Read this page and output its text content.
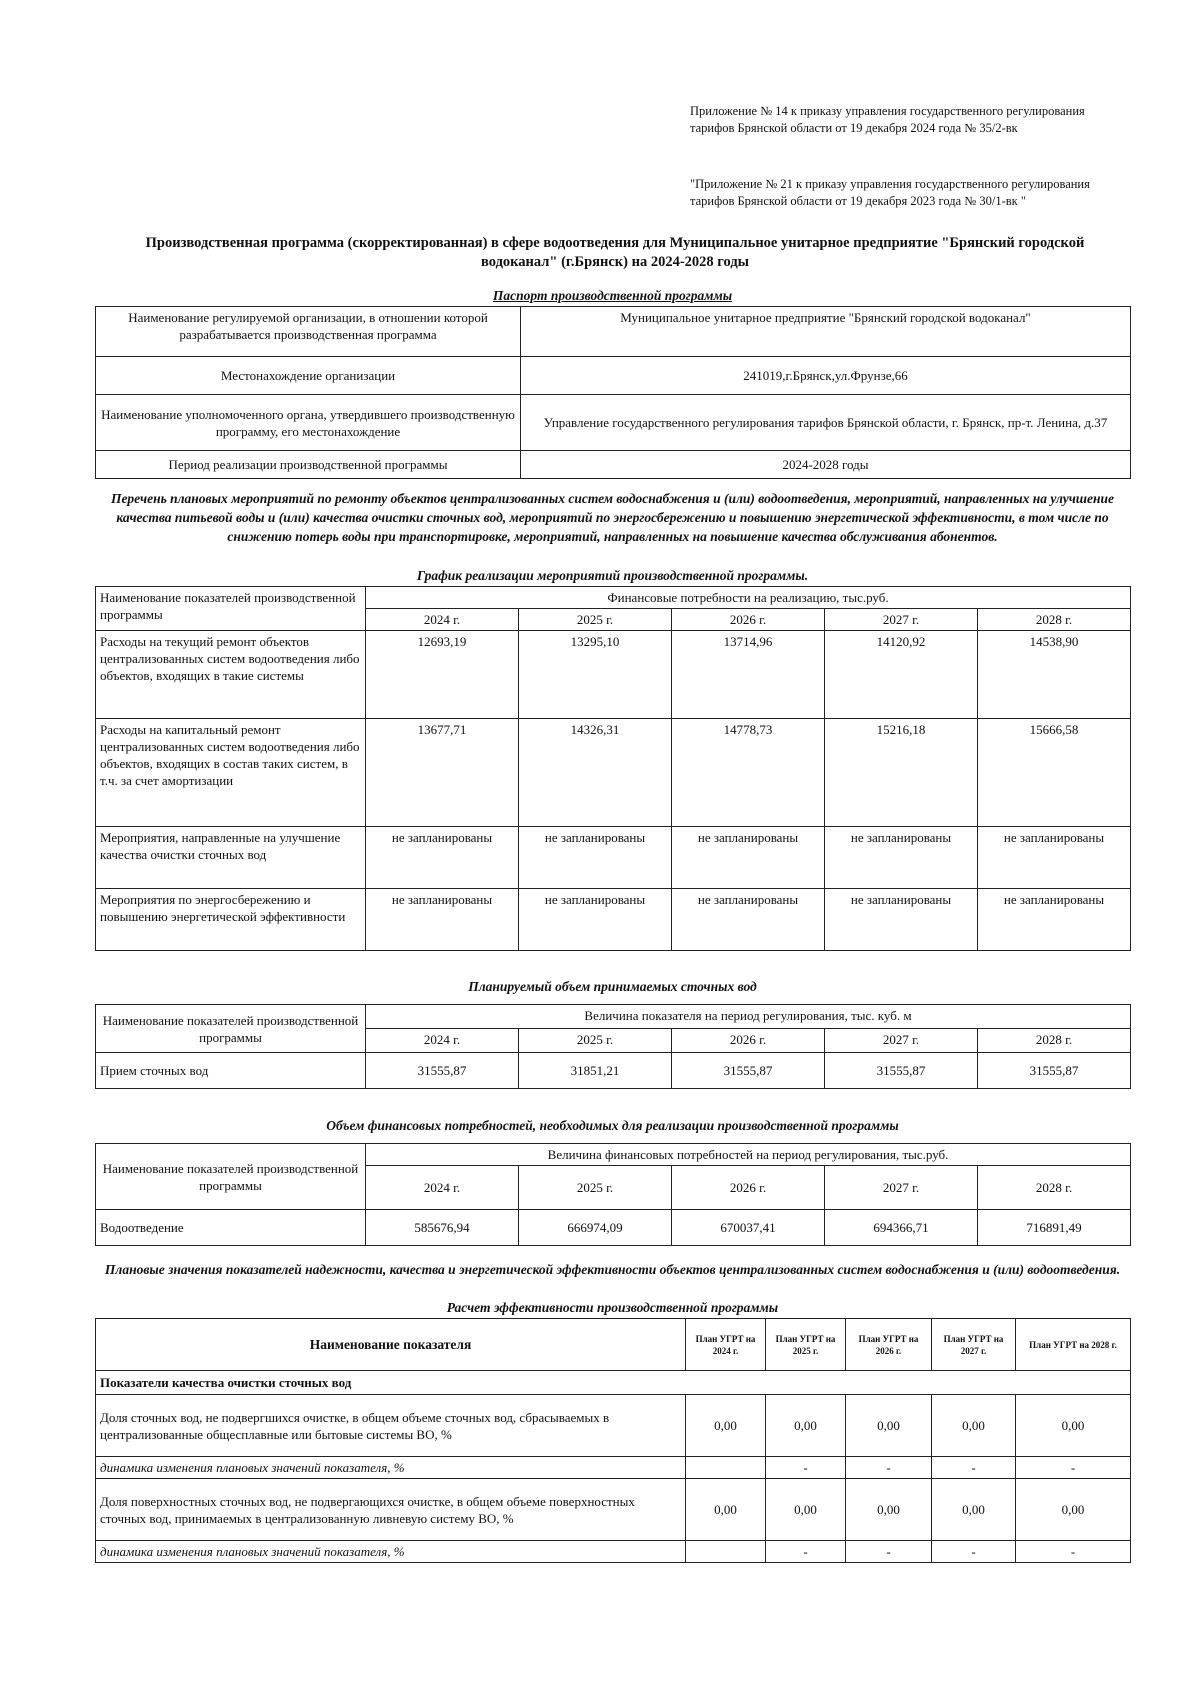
Приложение № 14 к приказу управления государственного регулирования тарифов Брянской области от 19 декабря 2024 года № 35/2-вк
"Приложение № 21 к приказу управления государственного регулирования тарифов Брянской области от 19 декабря 2023 года № 30/1-вк "
Производственная программа (скорректированная) в сфере водоотведения для Муниципальное унитарное предприятие "Брянский городской водоканал" (г.Брянск) на 2024-2028 годы
Паспорт производственной программы
Наименование регулируемой организации, в отношении которой разрабатывается производственная программа	Муниципальное унитарное предприятие "Брянский городской водоканал"
Местонахождение организации	241019,г.Брянск,ул.Фрунзе,66
Наименование уполномоченного органа, утвердившего производственную программу, его местонахождение	Управление государственного регулирования тарифов Брянской области, г. Брянск, пр-т. Ленина, д.37
Период реализации производственной программы	2024-2028 годы
Перечень плановых мероприятий по ремонту объектов централизованных систем водоснабжения и (или) водоотведения, мероприятий, направленных на улучшение качества питьевой воды и (или) качества очистки сточных вод, мероприятий по энергосбережению и повышению энергетической эффективности, в том числе по снижению потерь воды при транспортировке, мероприятий, направленных на повышение качества обслуживания абонентов.
График реализации мероприятий производственной программы.
Наименование показателей производственной программы	Финансовые потребности на реализацию, тыс.руб.				
	2024 г.	2025 г.	2026 г.	2027 г.	2028 г.
Расходы на текущий ремонт объектов централизованных систем водоотведения либо объектов, входящих в такие системы	12693,19	13295,10	13714,96	14120,92	14538,90
Расходы на капитальный ремонт централизованных систем водоотведения либо объектов, входящих в состав таких систем, в т.ч. за счет амортизации	13677,71	14326,31	14778,73	15216,18	15666,58
Мероприятия, направленные на улучшение качества очистки сточных вод	не запланированы	не запланированы	не запланированы	не запланированы	не запланированы
Мероприятия по энергосбережению и повышению энергетической эффективности	не запланированы	не запланированы	не запланированы	не запланированы	не запланированы
Планируемый объем принимаемых сточных вод
Наименование показателей производственной программы	Величина показателя на период регулирования, тыс. куб. м				
	2024 г.	2025 г.	2026 г.	2027 г.	2028 г.
Прием сточных вод	31555,87	31851,21	31555,87	31555,87	31555,87
Объем финансовых потребностей, необходимых для реализации производственной программы
Наименование показателей производственной программы	Величина финансовых потребностей на период регулирования, тыс.руб.				
	2024 г.	2025 г.	2026 г.	2027 г.	2028 г.
Водоотведение	585676,94	666974,09	670037,41	694366,71	716891,49
Плановые значения показателей надежности, качества и энергетической эффективности объектов централизованных систем водоснабжения и (или) водоотведения.
Расчет эффективности производственной программы
Наименование показателя	План УГРТ на 2024 г.	План УГРТ на 2025 г.	План УГРТ на 2026 г.	План УГРТ на 2027 г.	План УГРТ на 2028 г.
Показатели качества очистки сточных вод					
Доля сточных вод, не подвергшихся очистке, в общем объеме сточных вод, сбрасываемых в централизованные общесплавные или бытовые системы ВО, %	0,00	0,00	0,00	0,00	0,00
динамика изменения плановых значений показателя, %		-	-	-	-
Доля поверхностных сточных вод, не подвергающихся очистке, в общем объеме поверхностных сточных вод, принимаемых в централизованную ливневую систему ВО, %	0,00	0,00	0,00	0,00	0,00
динамика изменения плановых значений показателя, %		-	-	-	-
